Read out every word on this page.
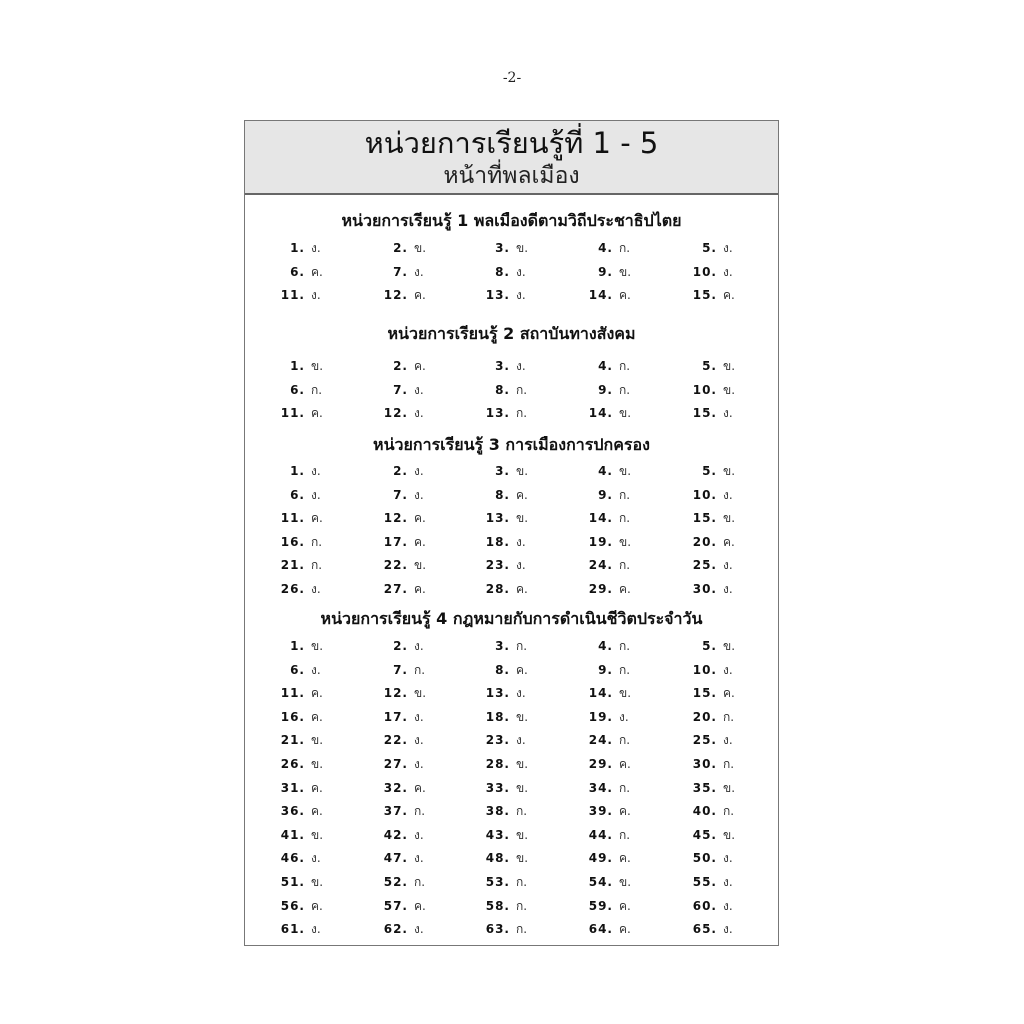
-2-
หน่วยการเรียนรู้ที่ 1 - 5
หน้าที่พลเมือง
หน่วยการเรียนรู้ 1 พลเมืองดีตามวิถีประชาธิปไตย
1. ง.	2. ข.	3. ข.	4. ก.	5. ง.
6. ค.	7. ง.	8. ง.	9. ข.	10. ง.
11. ง.	12. ค.	13. ง.	14. ค.	15. ค.
หน่วยการเรียนรู้ 2 สถาบันทางสังคม
1. ข.	2. ค.	3. ง.	4. ก.	5. ข.
6. ก.	7. ง.	8. ก.	9. ก.	10. ข.
11. ค.	12. ง.	13. ก.	14. ข.	15. ง.
หน่วยการเรียนรู้ 3 การเมืองการปกครอง
1. ง.	2. ง.	3. ข.	4. ข.	5. ข.
6. ง.	7. ง.	8. ค.	9. ก.	10. ง.
11. ค.	12. ค.	13. ข.	14. ก.	15. ข.
16. ก.	17. ค.	18. ง.	19. ข.	20. ค.
21. ก.	22. ข.	23. ง.	24. ก.	25. ง.
26. ง.	27. ค.	28. ค.	29. ค.	30. ง.
หน่วยการเรียนรู้ 4 กฎหมายกับการดำเนินชีวิตประจำวัน
1. ข.	2. ง.	3. ก.	4. ก.	5. ข.
6. ง.	7. ก.	8. ค.	9. ก.	10. ง.
11. ค.	12. ข.	13. ง.	14. ข.	15. ค.
16. ค.	17. ง.	18. ข.	19. ง.	20. ก.
21. ข.	22. ง.	23. ง.	24. ก.	25. ง.
26. ข.	27. ง.	28. ข.	29. ค.	30. ก.
31. ค.	32. ค.	33. ข.	34. ก.	35. ข.
36. ค.	37. ก.	38. ก.	39. ค.	40. ก.
41. ข.	42. ง.	43. ข.	44. ก.	45. ข.
46. ง.	47. ง.	48. ข.	49. ค.	50. ง.
51. ข.	52. ก.	53. ก.	54. ข.	55. ง.
56. ค.	57. ค.	58. ก.	59. ค.	60. ง.
61. ง.	62. ง.	63. ก.	64. ค.	65. ง.
